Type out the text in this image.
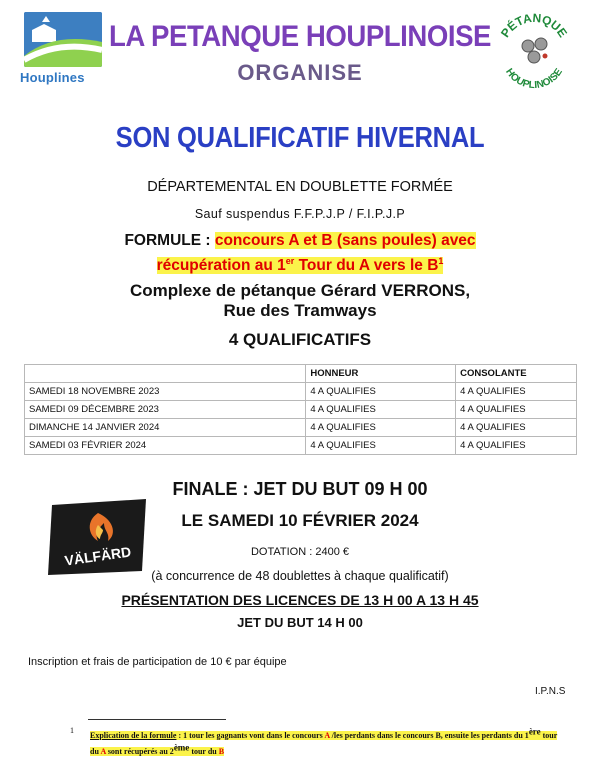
Houplines
PÉTANQUE
HOUPLINOISE
LA PETANQUE HOUPLINOISE
ORGANISE
SON QUALIFICATIF HIVERNAL
DÉPARTEMENTAL EN DOUBLETTE FORMÉE
Sauf suspendus F.F.P.J.P / F.I.P.J.P
FORMULE : concours A et B (sans poules) avec
récupération au 1er Tour du A vers le $B^1$
Complexe de pétanque Gérard VERRONS,
Rue des Tramways
4 QUALIFICATIFS
	HONNEUR	CONSOLANTE
SAMEDI 18 NOVEMBRE 2023	4 A QUALIFIES	4 A QUALIFIES
SAMEDI 09 DÉCEMBRE 2023	4 A QUALIFIES	4 A QUALIFIES
DIMANCHE 14 JANVIER 2024	4 A QUALIFIES	4 A QUALIFIES
SAMEDI 03 FÉVRIER 2024	4 A QUALIFIES	4 A QUALIFIES
FINALE : JET DU BUT 09 H 00
LE SAMEDI 10 FÉVRIER 2024
VÄLFÄRD	DOTATION : 2400 €
(à concurrence de 48 doublettes à chaque qualificatif)
PRÉSENTATION DES LICENCES DE 13 H 00 A 13 H 45
JET DU BUT 14 H 00
Inscription et frais de participation de 10 € par équipe
I.P.N.S
1
Explication de la formule : 1 tour les gagnants vont dans le concours A /les perdants dans le concours B, ensuite les perdants du 1ère tour du A sont récupérés au 2ème tour du B
